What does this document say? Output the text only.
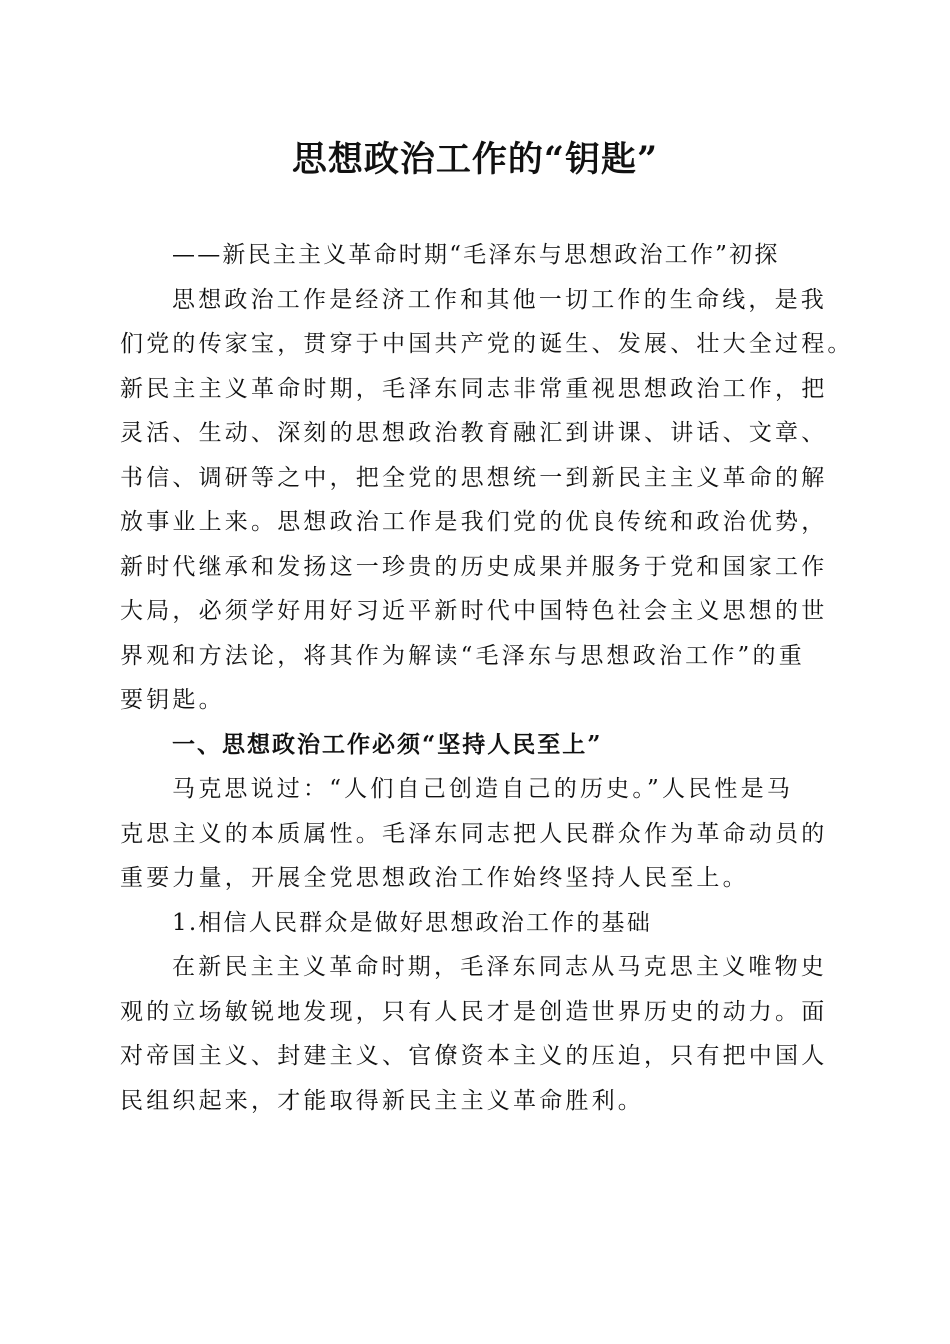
思想政治工作的“钥匙”
——新民主主义革命时期“毛泽东与思想政治工作”初探
思想政治工作是经济工作和其他一切工作的生命线，是我
们党的传家宝，贯穿于中国共产党的诞生、发展、壮大全过程。
新民主主义革命时期，毛泽东同志非常重视思想政治工作，把
灵活、生动、深刻的思想政治教育融汇到讲课、讲话、文章、
书信、调研等之中，把全党的思想统一到新民主主义革命的解
放事业上来。思想政治工作是我们党的优良传统和政治优势，
新时代继承和发扬这一珍贵的历史成果并服务于党和国家工作
大局，必须学好用好习近平新时代中国特色社会主义思想的世
界观和方法论，将其作为解读“毛泽东与思想政治工作”的重
要钥匙。
一、思想政治工作必须“坚持人民至上”
马克思说过：“人们自己创造自己的历史。”人民性是马
克思主义的本质属性。毛泽东同志把人民群众作为革命动员的
重要力量，开展全党思想政治工作始终坚持人民至上。
1.相信人民群众是做好思想政治工作的基础
在新民主主义革命时期，毛泽东同志从马克思主义唯物史
观的立场敏锐地发现，只有人民才是创造世界历史的动力。面
对帝国主义、封建主义、官僚资本主义的压迫，只有把中国人
民组织起来，才能取得新民主主义革命胜利。
